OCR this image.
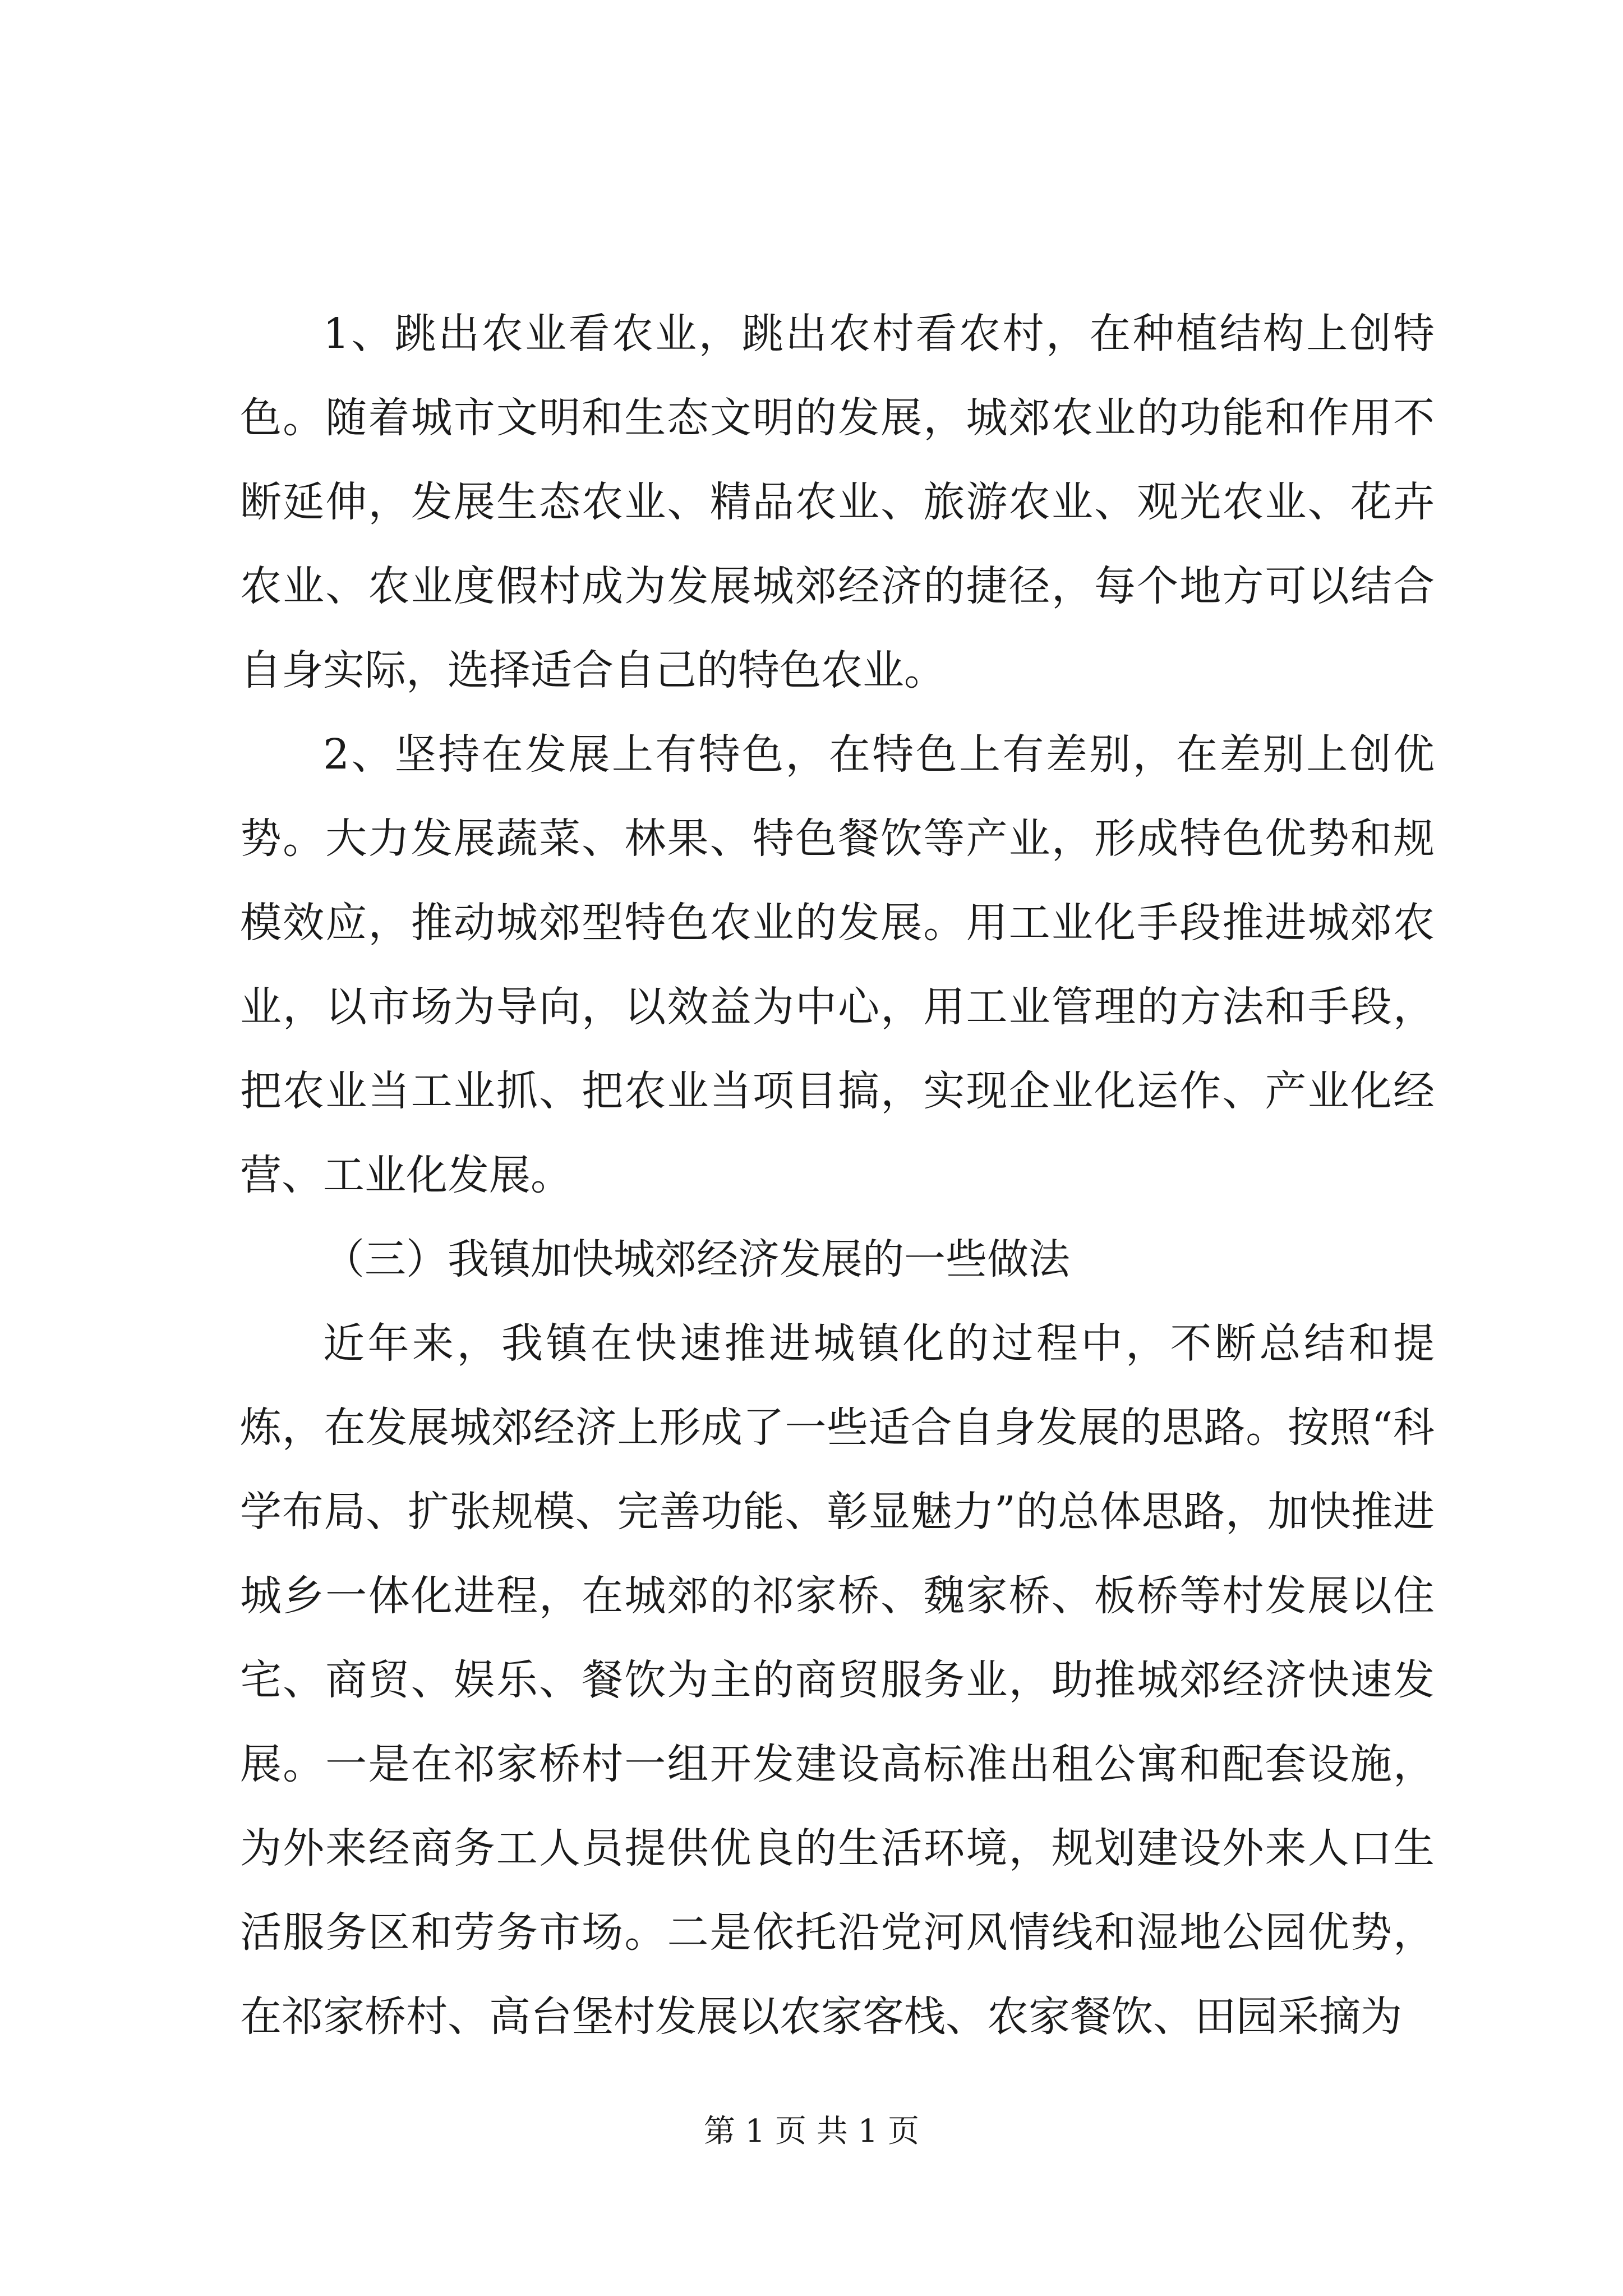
1、跳出农业看农业，跳出农村看农村，在种植结构上创特色。随着城市文明和生态文明的发展，城郊农业的功能和作用不断延伸，发展生态农业、精品农业、旅游农业、观光农业、花卉农业、农业度假村成为发展城郊经济的捷径，每个地方可以结合自身实际，选择适合自己的特色农业。

2、坚持在发展上有特色，在特色上有差别，在差别上创优势。大力发展蔬菜、林果、特色餐饮等产业，形成特色优势和规模效应，推动城郊型特色农业的发展。用工业化手段推进城郊农业，以市场为导向，以效益为中心，用工业管理的方法和手段，把农业当工业抓、把农业当项目搞，实现企业化运作、产业化经营、工业化发展。

（三）我镇加快城郊经济发展的一些做法

近年来，我镇在快速推进城镇化的过程中，不断总结和提炼，在发展城郊经济上形成了一些适合自身发展的思路。按照“科学布局、扩张规模、完善功能、彰显魅力”的总体思路，加快推进城乡一体化进程，在城郊的祁家桥、魏家桥、板桥等村发展以住宅、商贸、娱乐、餐饮为主的商贸服务业，助推城郊经济快速发展。一是在祁家桥村一组开发建设高标准出租公寓和配套设施，为外来经商务工人员提供优良的生活环境，规划建设外来人口生活服务区和劳务市场。二是依托沿党河风情线和湿地公园优势，在祁家桥村、高台堡村发展以农家客栈、农家餐饮、田园采摘为

第 1 页 共 1 页
